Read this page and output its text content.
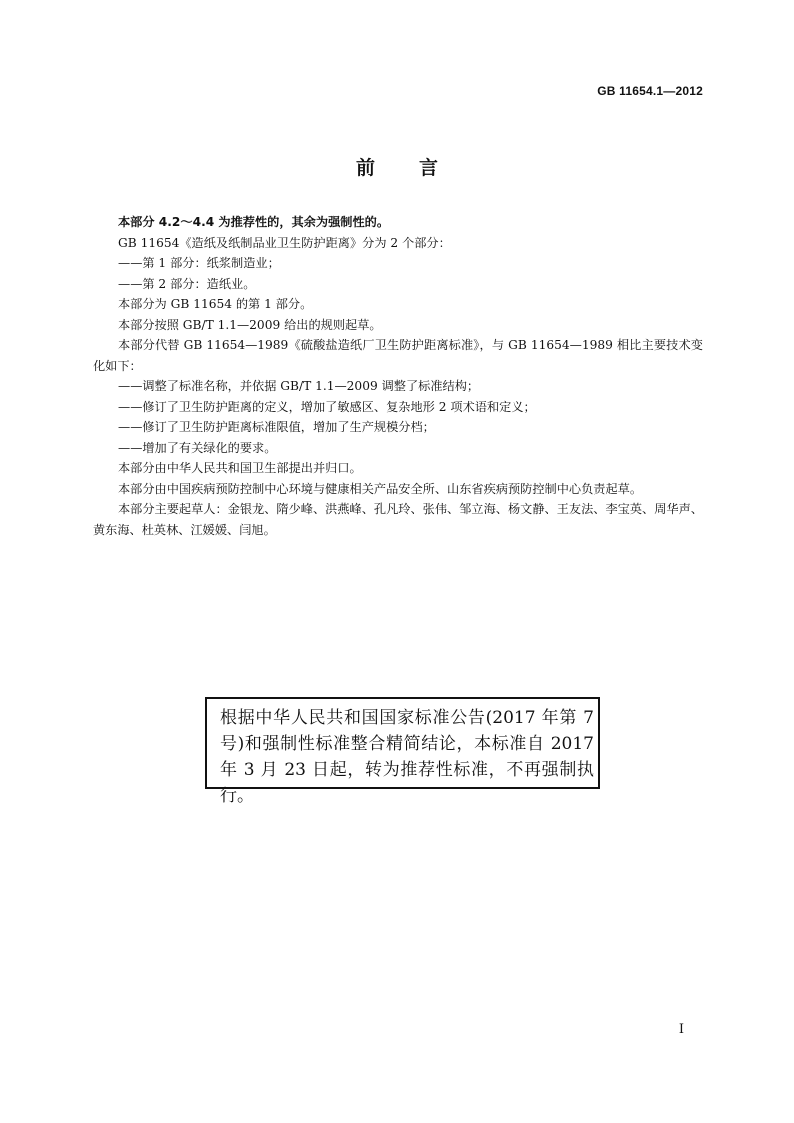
GB 11654.1—2012
前言

本部分 4.2～4.4 为推荐性的，其余为强制性的。

GB 11654《造纸及纸制品业卫生防护距离》分为 2 个部分：

——第 1 部分：纸浆制造业；

——第 2 部分：造纸业。

本部分为 GB 11654 的第 1 部分。

本部分按照 GB/T 1.1—2009 给出的规则起草。

本部分代替 GB 11654—1989《硫酸盐造纸厂卫生防护距离标准》，与 GB 11654—1989 相比主要技术变化如下：

——调整了标准名称，并依据 GB/T 1.1—2009 调整了标准结构；

——修订了卫生防护距离的定义，增加了敏感区、复杂地形 2 项术语和定义；

——修订了卫生防护距离标准限值，增加了生产规模分档；

——增加了有关绿化的要求。

本部分由中华人民共和国卫生部提出并归口。

本部分由中国疾病预防控制中心环境与健康相关产品安全所、山东省疾病预防控制中心负责起草。

本部分主要起草人：金银龙、隋少峰、洪燕峰、孔凡玲、张伟、邹立海、杨文静、王友法、李宝英、周华声、黄东海、杜英林、江媛媛、闫旭。

根据中华人民共和国国家标准公告(2017 年第 7 号)和强制性标准整合精简结论，本标准自 2017 年 3 月 23 日起，转为推荐性标准，不再强制执行。

I
